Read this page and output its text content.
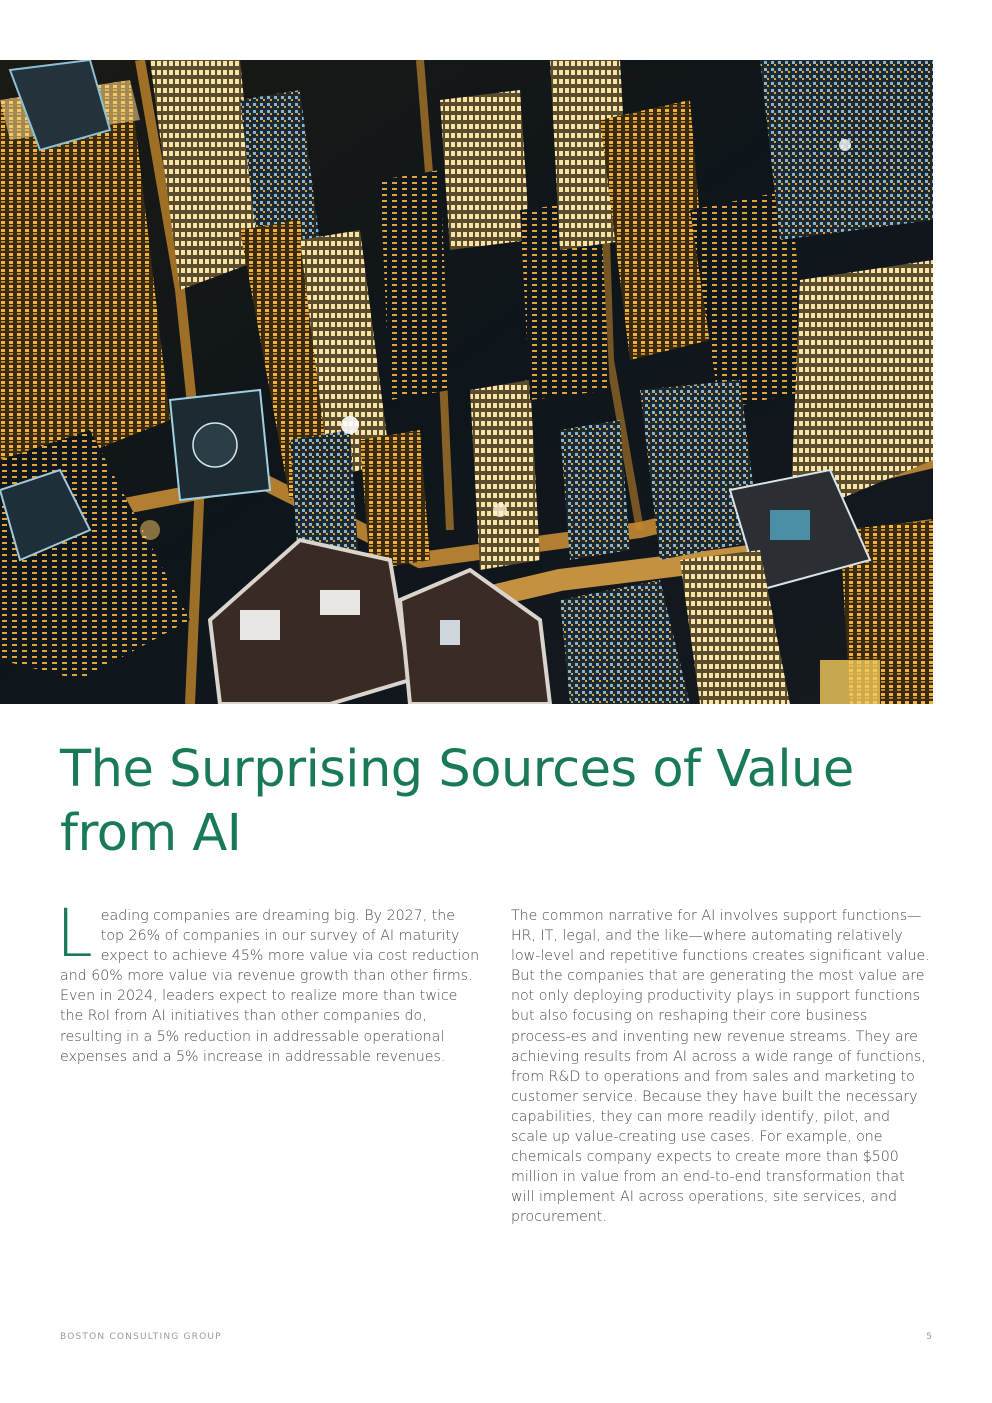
The Surprising Sources of Value from AI

Leading companies are dreaming big. By 2027, the top 26% of companies in our survey of AI maturity expect to achieve 45% more value via cost reduction and 60% more value via revenue growth than other firms. Even in 2024, leaders expect to realize more than twice the RoI from AI initiatives than other companies do, resulting in a 5% reduction in addressable operational expenses and a 5% increase in addressable revenues.

The common narrative for AI involves support functions—HR, IT, legal, and the like—where automating relatively low-level and repetitive functions creates significant value. But the companies that are generating the most value are not only deploying productivity plays in support functions but also focusing on reshaping their core business process-es and inventing new revenue streams. They are achieving results from AI across a wide range of functions, from R&D to operations and from sales and marketing to customer service. Because they have built the necessary capabilities, they can more readily identify, pilot, and scale up value-creating use cases. For example, one chemicals company expects to create more than $500 million in value from an end-to-end transformation that will implement AI across operations, site services, and procurement.

BOSTON CONSULTING GROUP	5
